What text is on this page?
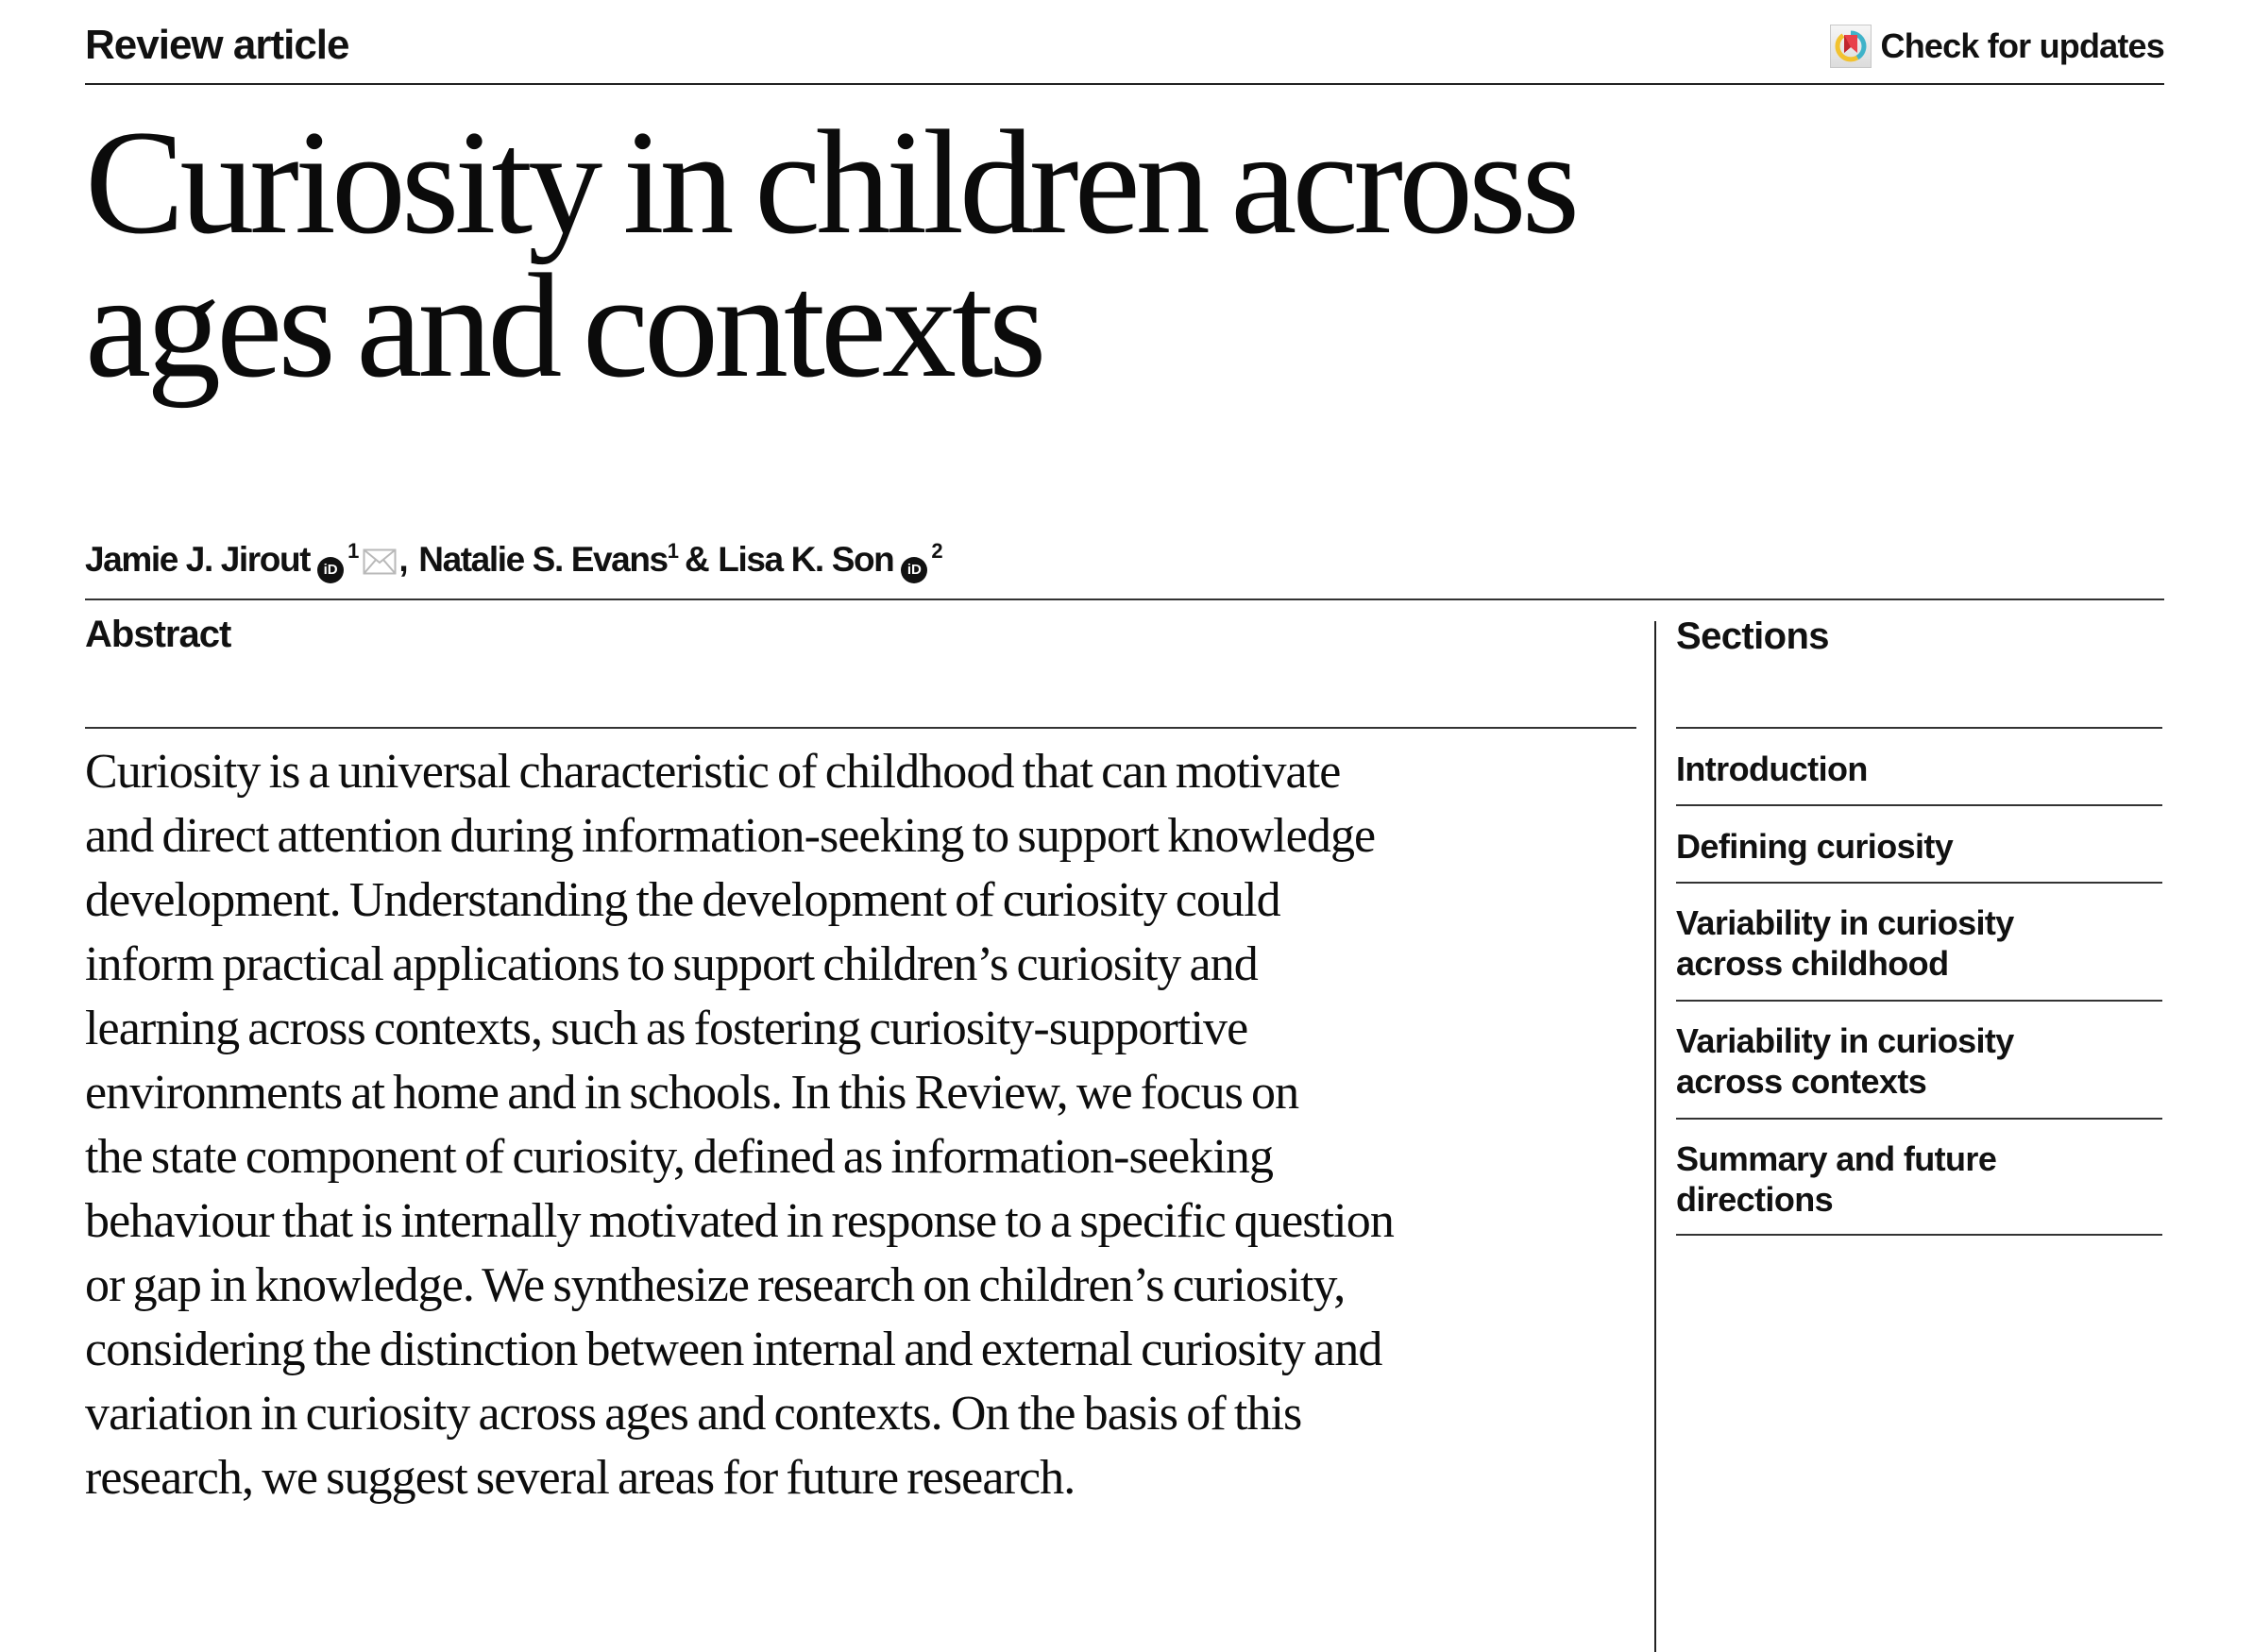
Review article	Check for updates
Curiosity in children across
ages and contexts
Jamie J. Jirout iD
1 , Natalie S. Evans 1 & Lisa K. Son iD
2
Abstract
Curiosity is a universal characteristic of childhood that can motivate
and direct attention during information-seeking to support knowledge
development. Understanding the development of curiosity could
inform practical applications to support children’s curiosity and
learning across contexts, such as fostering curiosity-supportive
environments at home and in schools. In this Review, we focus on
the state component of curiosity, defined as information-seeking
behaviour that is internally motivated in response to a specific question
or gap in knowledge. We synthesize research on children’s curiosity,
considering the distinction between internal and external curiosity and
variation in curiosity across ages and contexts. On the basis of this
research, we suggest several areas for future research.
Sections
Introduction
Defining curiosity
Variability in curiosity
across childhood
Variability in curiosity
across contexts
Summary and future
directions
